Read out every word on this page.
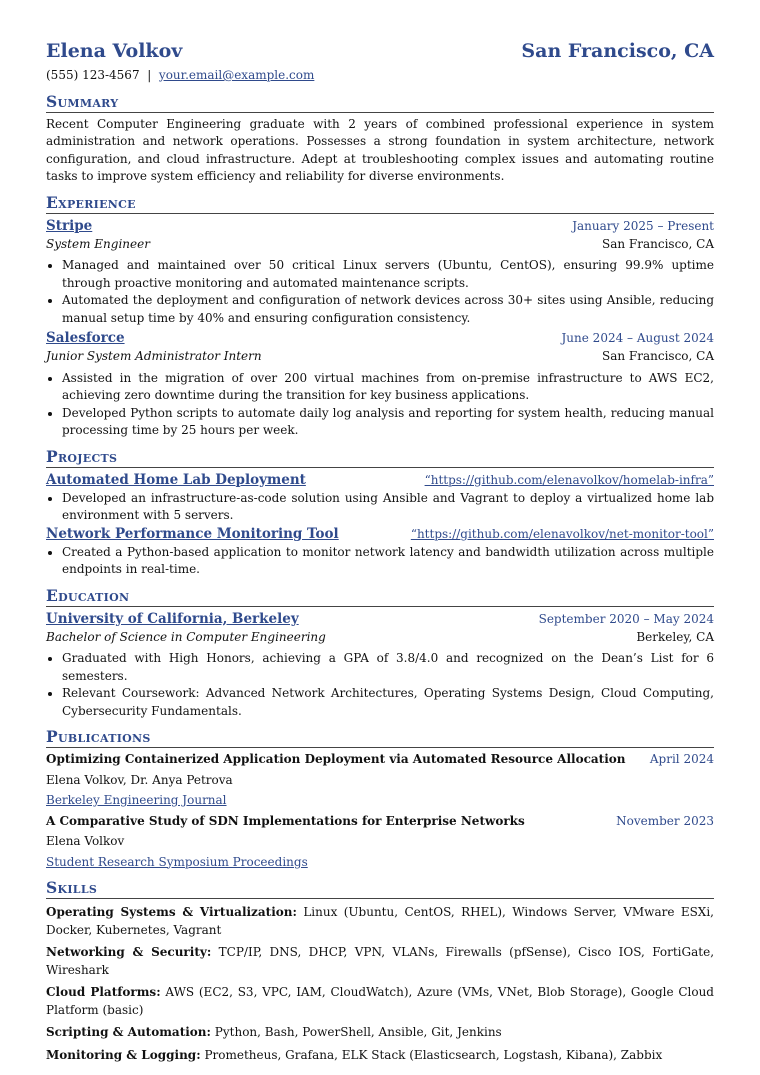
Elena Volkov	San Francisco, CA
(555) 123-4567 | your.email@example.com
Summary
Recent Computer Engineering graduate with 2 years of combined professional experience in system administration and network operations. Possesses a strong foundation in system architecture, network configuration, and cloud infrastructure. Adept at troubleshooting complex issues and automating routine tasks to improve system efficiency and reliability for diverse environments.
Experience
Stripe	January 2025 – Present
System Engineer	San Francisco, CA
• Managed and maintained over 50 critical Linux servers (Ubuntu, CentOS), ensuring 99.9% uptime through proactive monitoring and automated maintenance scripts.
• Automated the deployment and configuration of network devices across 30+ sites using Ansible, reducing manual setup time by 40% and ensuring configuration consistency.
Salesforce	June 2024 – August 2024
Junior System Administrator Intern	San Francisco, CA
• Assisted in the migration of over 200 virtual machines from on-premise infrastructure to AWS EC2, achieving zero downtime during the transition for key business applications.
• Developed Python scripts to automate daily log analysis and reporting for system health, reducing manual processing time by 25 hours per week.
Projects
Automated Home Lab Deployment	“https://github.com/elenavolkov/homelab-infra”
• Developed an infrastructure-as-code solution using Ansible and Vagrant to deploy a virtualized home lab environment with 5 servers.
Network Performance Monitoring Tool	“https://github.com/elenavolkov/net-monitor-tool”
• Created a Python-based application to monitor network latency and bandwidth utilization across multiple endpoints in real-time.
Education
University of California, Berkeley	September 2020 – May 2024
Bachelor of Science in Computer Engineering	Berkeley, CA
• Graduated with High Honors, achieving a GPA of 3.8/4.0 and recognized on the Dean’s List for 6 semesters.
• Relevant Coursework: Advanced Network Architectures, Operating Systems Design, Cloud Computing, Cybersecurity Fundamentals.
Publications
Optimizing Containerized Application Deployment via Automated Resource Allocation April 2024
Elena Volkov, Dr. Anya Petrova
Berkeley Engineering Journal
A Comparative Study of SDN Implementations for Enterprise Networks	November 2023
Elena Volkov
Student Research Symposium Proceedings
Skills
Operating Systems & Virtualization: Linux (Ubuntu, CentOS, RHEL), Windows Server, VMware ESXi, Docker, Kubernetes, Vagrant
Networking & Security: TCP/IP, DNS, DHCP, VPN, VLANs, Firewalls (pfSense), Cisco IOS, FortiGate, Wireshark
Cloud Platforms: AWS (EC2, S3, VPC, IAM, CloudWatch), Azure (VMs, VNet, Blob Storage), Google Cloud Platform (basic)
Scripting & Automation: Python, Bash, PowerShell, Ansible, Git, Jenkins
Monitoring & Logging: Prometheus, Grafana, ELK Stack (Elasticsearch, Logstash, Kibana), Zabbix
